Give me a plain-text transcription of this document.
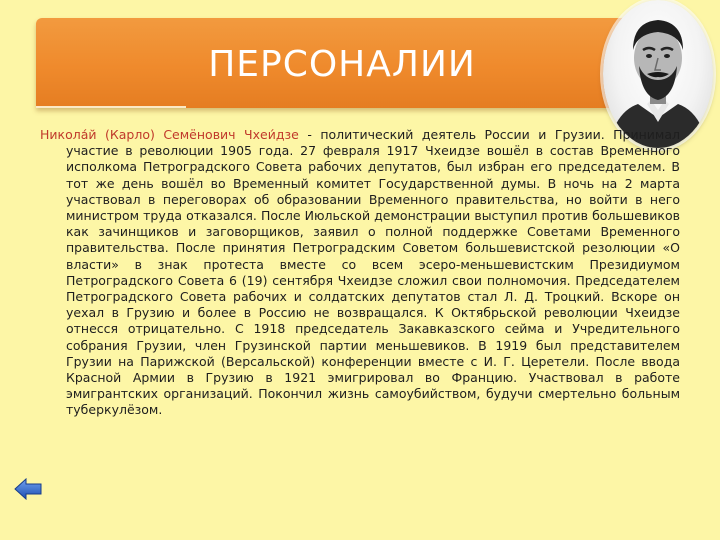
ПЕРСОНАЛИИ

Никола́й (Карло) Семёнович Чхеи́дзе - политический деятель России и Грузии. Принимал участие в революции 1905 года. 27 февраля 1917 Чхеидзе вошёл в состав Временного исполкома Петроградского Совета рабочих депутатов, был избран его председателем. В тот же день вошёл во Временный комитет Государственной думы. В ночь на 2 марта участвовал в переговорах об образовании Временного правительства, но войти в него министром труда отказался. После Июльской демонстрации выступил против большевиков как зачинщиков и заговорщиков, заявил о полной поддержке Советами Временного правительства. После принятия Петроградским Советом большевистской резолюции «О власти» в знак протеста вместе со всем эсеро-меньшевистским Президиумом Петроградского Совета 6 (19) сентября Чхеидзе сложил свои полномочия. Председателем Петроградского Совета рабочих и солдатских депутатов стал Л. Д. Троцкий. Вскоре он уехал в Грузию и более в Россию не возвращался. К Октябрьской революции Чхеидзе отнесся отрицательно. С 1918 председатель Закавказского сейма и Учредительного собрания Грузии, член Грузинской партии меньшевиков. В 1919 был представителем Грузии на Парижской (Версальской) конференции вместе с И. Г. Церетели. После ввода Красной Армии в Грузию в 1921 эмигрировал во Францию. Участвовал в работе эмигрантских организаций. Покончил жизнь самоубийством, будучи смертельно больным туберкулёзом.
